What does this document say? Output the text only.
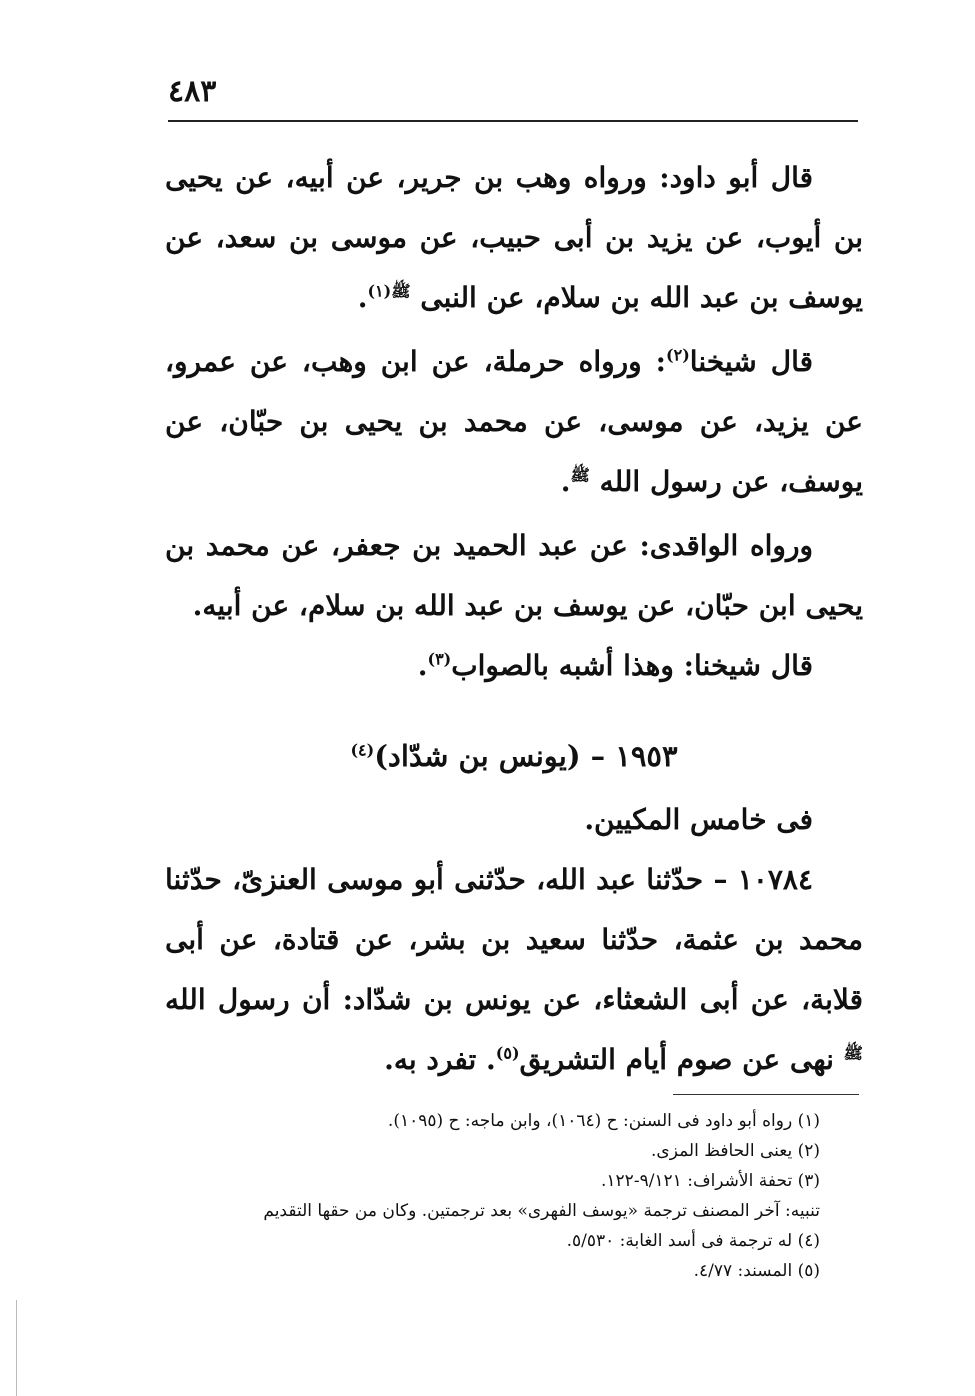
٤٨٣

قال أبو داود: ورواه وهب بن جرير، عن أبيه، عن يحيى بن أيوب، عن يزيد بن أبى حبيب، عن موسى بن سعد، عن يوسف بن عبد الله بن سلام، عن النبى $^{ﷺ(١)}$.

قال شيخنا$^{(٢)}$: ورواه حرملة، عن ابن وهب، عن عمرو، عن يزيد، عن موسى، عن محمد بن يحيى بن حبّان، عن يوسف، عن رسول الله $^ﷺ$.

ورواه الواقدى: عن عبد الحميد بن جعفر، عن محمد بن يحيى ابن حبّان، عن يوسف بن عبد الله بن سلام، عن أبيه.

قال شيخنا: وهذا أشبه بالصواب$^{(٣)}$.

١٩٥٣ – (يونس بن شدّاد)$^{(٤)}$

فى خامس المكيين.

١٠٧٨٤ – حدّثنا عبد الله، حدّثنى أبو موسى العنزىّ، حدّثنا محمد بن عثمة، حدّثنا سعيد بن بشر، عن قتادة، عن أبى قلابة، عن أبى الشعثاء، عن يونس بن شدّاد: أن رسول الله $^ﷺ$ نهى عن صوم أيام التشريق$^{(٥)}$. تفرد به.

(١) رواه أبو داود فى السنن: ح (١٠٦٤)، وابن ماجه: ح (١٠٩٥).

(٢) يعنى الحافظ المزى.

(٣) تحفة الأشراف: ٩/١٢١-١٢٢.

تنبيه: آخر المصنف ترجمة «يوسف الفهرى» بعد ترجمتين. وكان من حقها التقديم

(٤) له ترجمة فى أسد الغابة: ٥/٥٣٠.

(٥) المسند: ٤/٧٧.
